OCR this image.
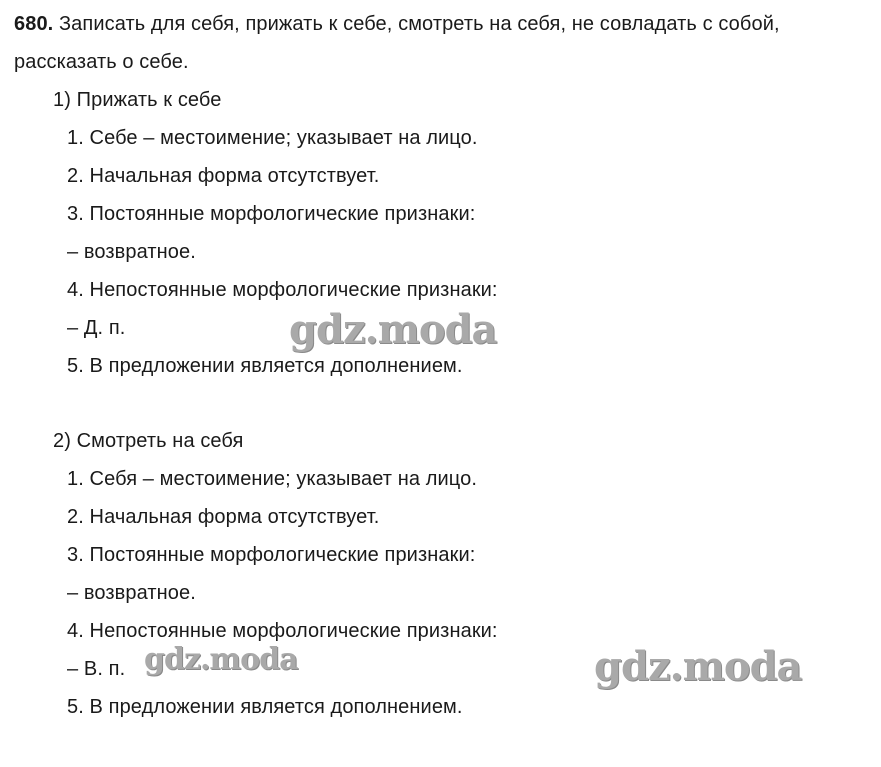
680. Записать для себя, прижать к себе, смотреть на себя, не совладать с собой,
рассказать о себе.
1) Прижать к себе
1. Себе – местоимение; указывает на лицо.
2. Начальная форма отсутствует.
3. Постоянные морфологические признаки:
– возвратное.
4. Непостоянные морфологические признаки:
– Д. п.
5. В предложении является дополнением.
2) Смотреть на себя
1. Себя – местоимение; указывает на лицо.
2. Начальная форма отсутствует.
3. Постоянные морфологические признаки:
– возвратное.
4. Непостоянные морфологические признаки:
– В. п.
5. В предложении является дополнением.
gdz.moda
gdz.moda	gdz.moda
